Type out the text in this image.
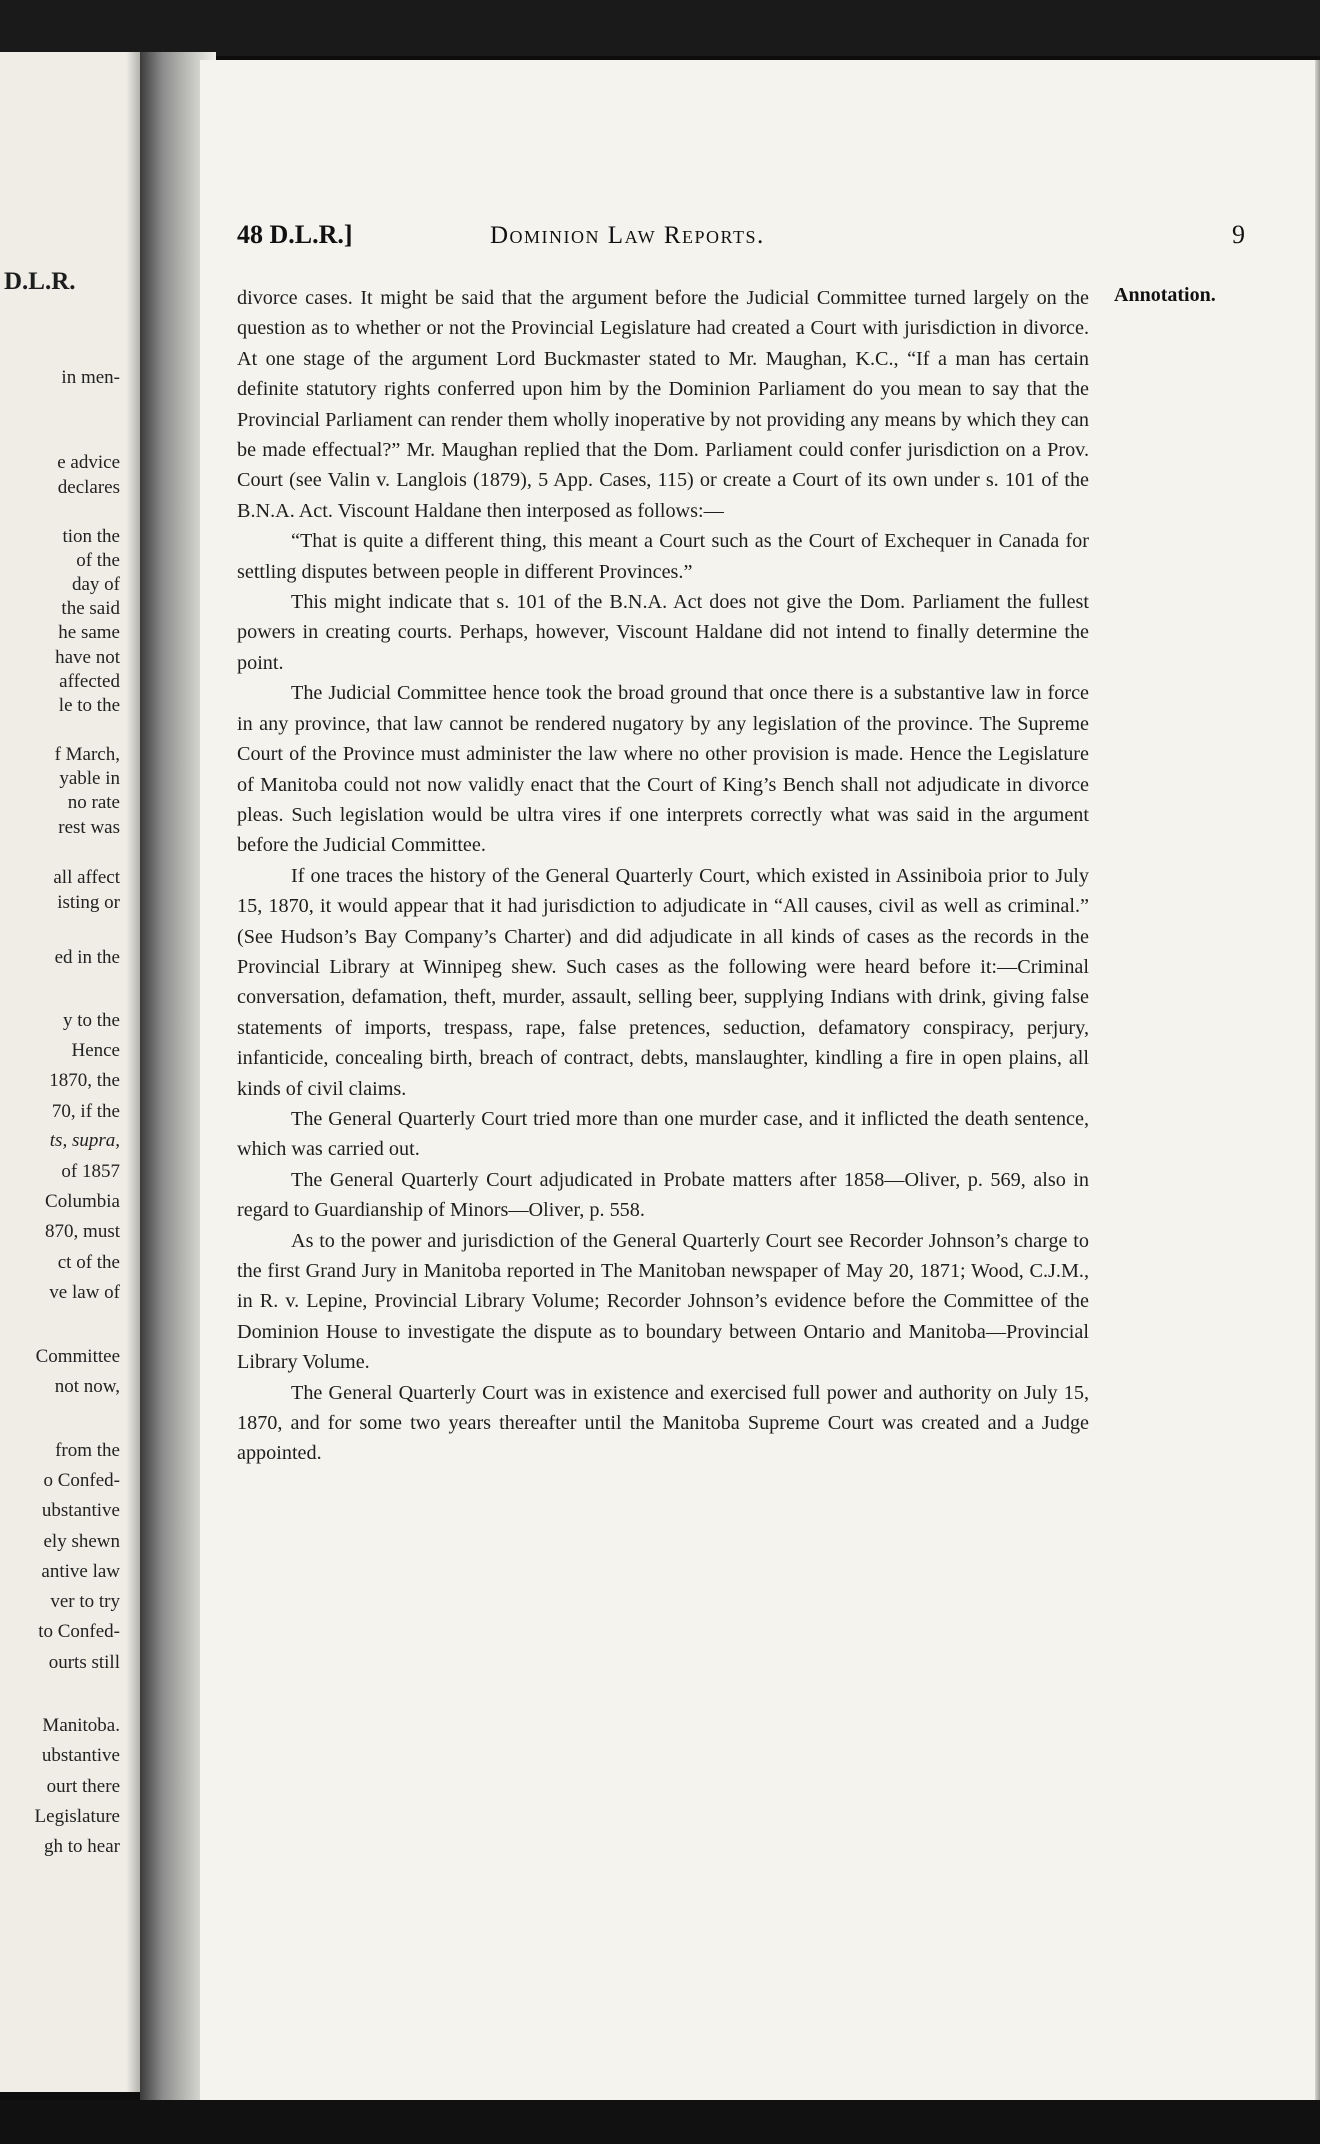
D.L.R.
in men-
e advice
declares
tion the
of the
day of
the said
he same
have not
affected
le to the
f March,
yable in
no rate
rest was
all affect
isting or
ed in the
y to the
Hence
1870, the
70, if the
ts, supra,
of 1857
Columbia
870, must
ct of the
ve law of
Committee
not now,
from the
o Confed-
ubstantive
ely shewn
antive law
ver to try
to Confed-
ourts still
Manitoba.
ubstantive
ourt there
Legislature
gh to hear
48 D.L.R.]	Dominion Law Reports.	9
Annotation.

divorce cases. It might be said that the argument before the Judicial Committee turned largely on the question as to whether or not the Provincial Legislature had created a Court with jurisdiction in divorce. At one stage of the argument Lord Buckmaster stated to Mr. Maughan, K.C., “If a man has certain definite statutory rights conferred upon him by the Dominion Parliament do you mean to say that the Provincial Parliament can render them wholly inoperative by not providing any means by which they can be made effectual?” Mr. Maughan replied that the Dom. Parliament could confer jurisdiction on a Prov. Court (see Valin v. Langlois (1879), 5 App. Cases, 115) or create a Court of its own under s. 101 of the B.N.A. Act. Viscount Haldane then interposed as follows:—

“That is quite a different thing, this meant a Court such as the Court of Exchequer in Canada for settling disputes between people in different Provinces.”

This might indicate that s. 101 of the B.N.A. Act does not give the Dom. Parliament the fullest powers in creating courts. Perhaps, however, Viscount Haldane did not intend to finally determine the point.

The Judicial Committee hence took the broad ground that once there is a substantive law in force in any province, that law cannot be rendered nugatory by any legislation of the province. The Supreme Court of the Province must administer the law where no other provision is made. Hence the Legislature of Manitoba could not now validly enact that the Court of King’s Bench shall not adjudicate in divorce pleas. Such legislation would be ultra vires if one interprets correctly what was said in the argument before the Judicial Committee.

If one traces the history of the General Quarterly Court, which existed in Assiniboia prior to July 15, 1870, it would appear that it had jurisdiction to adjudicate in “All causes, civil as well as criminal.” (See Hudson’s Bay Company’s Charter) and did adjudicate in all kinds of cases as the records in the Provincial Library at Winnipeg shew. Such cases as the following were heard before it:—Criminal conversation, defamation, theft, murder, assault, selling beer, supplying Indians with drink, giving false statements of imports, trespass, rape, false pretences, seduction, defamatory conspiracy, perjury, infanticide, concealing birth, breach of contract, debts, manslaughter, kindling a fire in open plains, all kinds of civil claims.

The General Quarterly Court tried more than one murder case, and it inflicted the death sentence, which was carried out.

The General Quarterly Court adjudicated in Probate matters after 1858—Oliver, p. 569, also in regard to Guardianship of Minors—Oliver, p. 558.

As to the power and jurisdiction of the General Quarterly Court see Recorder Johnson’s charge to the first Grand Jury in Manitoba reported in The Manitoban newspaper of May 20, 1871; Wood, C.J.M., in R. v. Lepine, Provincial Library Volume; Recorder Johnson’s evidence before the Committee of the Dominion House to investigate the dispute as to boundary between Ontario and Manitoba—Provincial Library Volume.

The General Quarterly Court was in existence and exercised full power and authority on July 15, 1870, and for some two years thereafter until the Manitoba Supreme Court was created and a Judge appointed.
